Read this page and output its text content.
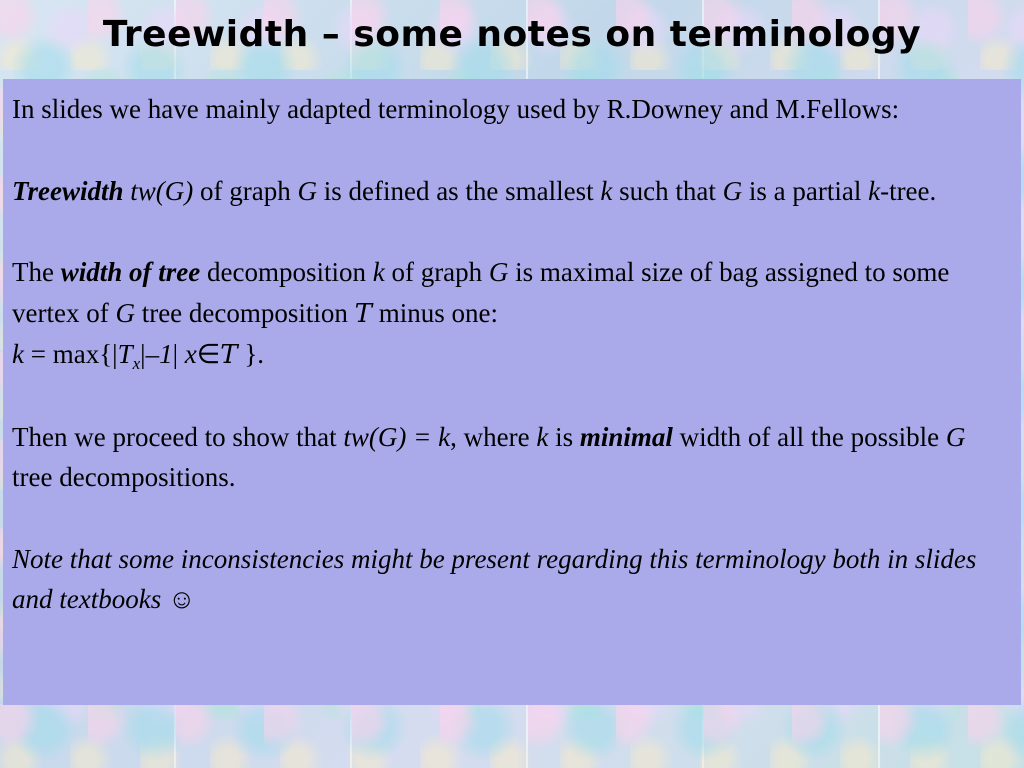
Treewidth – some notes on terminology

In slides we have mainly adapted terminology used by R.Downey and M.Fellows:

Treewidth tw(G) of graph G is defined as the smallest k such that G is a partial k-tree.

The width of tree decomposition k of graph G is maximal size of bag assigned to some vertex of G tree decomposition T minus one:

$k = \max\{|T_x|-1|$ x∈T }.

Then we proceed to show that tw(G) = k, where k is minimal width of all the possible G tree decompositions.

Note that some inconsistencies might be present regarding this terminology both in slides and textbooks ☺
